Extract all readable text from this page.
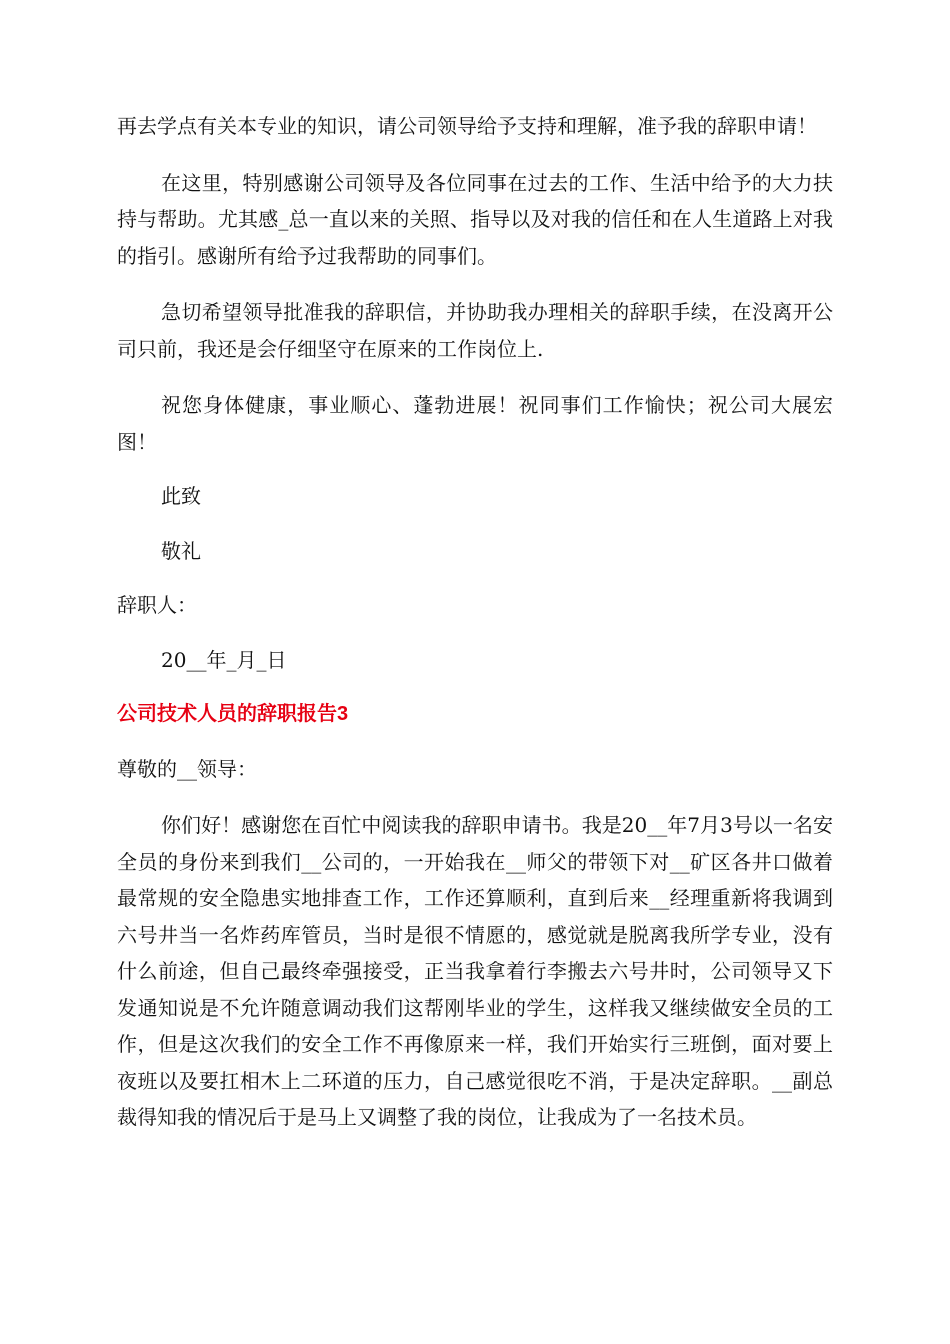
再去学点有关本专业的知识，请公司领导给予支持和理解，准予我的辞职申请！

在这里，特别感谢公司领导及各位同事在过去的工作、生活中给予的大力扶持与帮助。尤其感_总一直以来的关照、指导以及对我的信任和在人生道路上对我的指引。感谢所有给予过我帮助的同事们。

急切希望领导批准我的辞职信，并协助我办理相关的辞职手续，在没离开公司只前，我还是会仔细坚守在原来的工作岗位上.

祝您身体健康，事业顺心、蓬勃进展！祝同事们工作愉快；祝公司大展宏图！

此致

敬礼

辞职人：

20__年_月_日

公司技术人员的辞职报告3

尊敬的__领导：

你们好！感谢您在百忙中阅读我的辞职申请书。我是20__年7月3号以一名安全员的身份来到我们__公司的，一开始我在__师父的带领下对__矿区各井口做着最常规的安全隐患实地排查工作，工作还算顺利，直到后来__经理重新将我调到六号井当一名炸药库管员，当时是很不情愿的，感觉就是脱离我所学专业，没有什么前途，但自己最终牵强接受，正当我拿着行李搬去六号井时，公司领导又下发通知说是不允许随意调动我们这帮刚毕业的学生，这样我又继续做安全员的工作，但是这次我们的安全工作不再像原来一样，我们开始实行三班倒，面对要上夜班以及要扛相木上二环道的压力，自己感觉很吃不消，于是决定辞职。__副总裁得知我的情况后于是马上又调整了我的岗位，让我成为了一名技术员。
